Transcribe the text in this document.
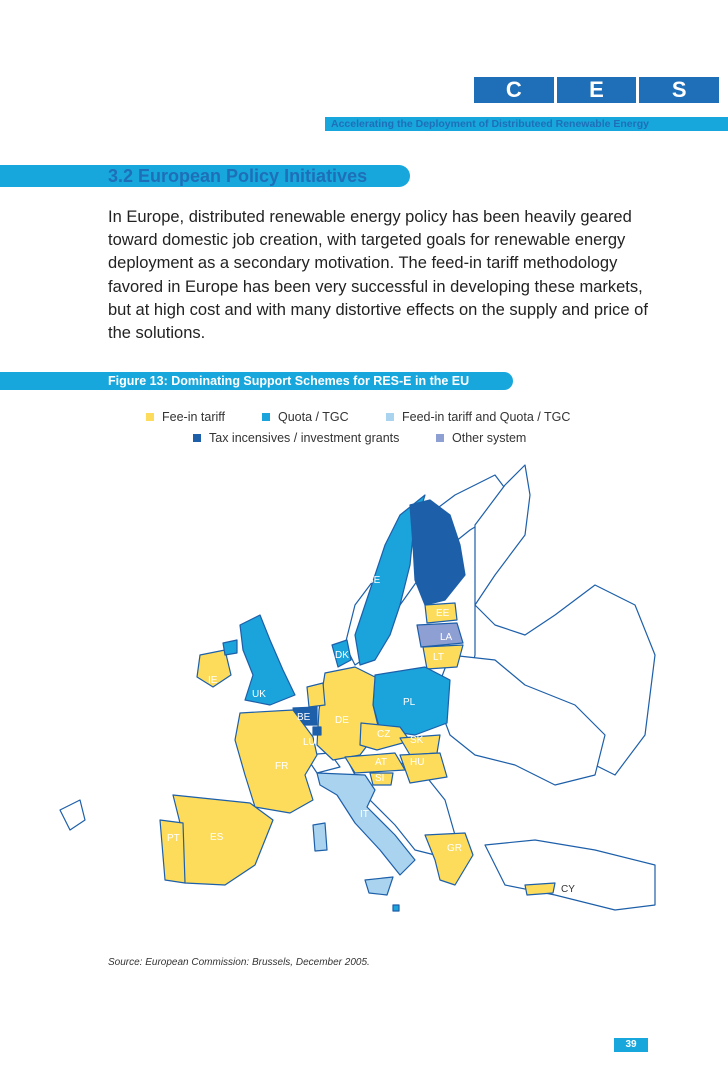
C	E	S
Accelerating the Deployment of Distributeed Renewable Energy
3.2 European Policy Initiatives
In Europe, distributed renewable energy policy has been heavily geared toward domestic job creation, with targeted goals for renewable energy deployment as a secondary motivation. The feed-in tariff methodology favored in Europe has been very successful in developing these markets, but at high cost and with many distortive effects on the supply and price of the solutions.
Figure 13: Dominating Support Schemes for RES-E in the EU
Fee-in tariff	Quota / TGC	Feed-in tariff and Quota / TGC
Tax incensives / investment grants	Other system
SE
EE
LA
LT
DK
IE
UK
PL
BE DE
LU
CZ
SK
FR	AT HU
SI
IT
PT	ES
GR
CY
MT
Source: European Commission: Brussels, December 2005.
39
